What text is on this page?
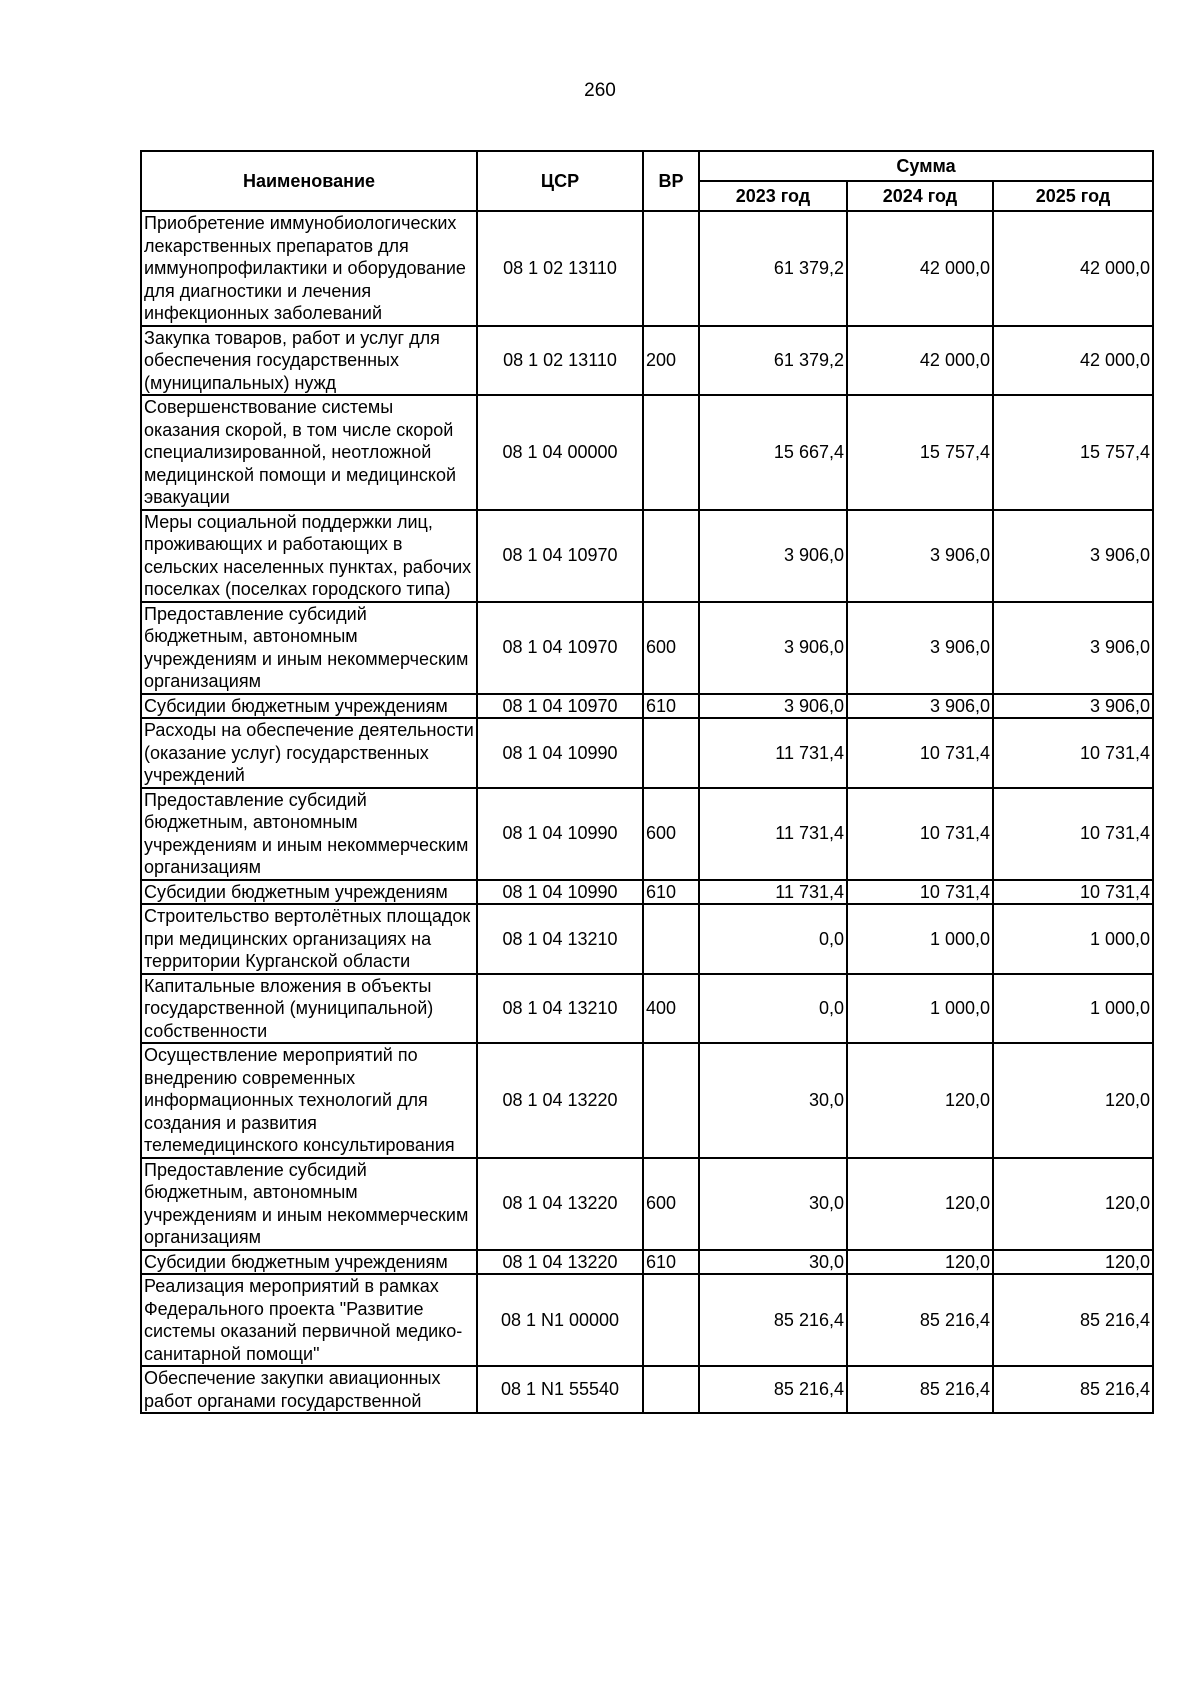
260
Наименование	ЦСР	ВР	Сумма		
			2023 год	2024 год	2025 год
Приобретение иммунобиологических лекарственных препаратов для иммунопрофилактики и оборудование для диагностики и лечения инфекционных заболеваний	08 1 02 13110		61 379,2	42 000,0	42 000,0
Закупка товаров, работ и услуг для обеспечения государственных (муниципальных) нужд	08 1 02 13110	200	61 379,2	42 000,0	42 000,0
Совершенствование системы оказания скорой, в том числе скорой специализированной, неотложной медицинской помощи и медицинской эвакуации	08 1 04 00000		15 667,4	15 757,4	15 757,4
Меры социальной поддержки лиц, проживающих и работающих в сельских населенных пунктах, рабочих поселках (поселках городского типа)	08 1 04 10970		3 906,0	3 906,0	3 906,0
Предоставление субсидий бюджетным, автономным учреждениям и иным некоммерческим организациям	08 1 04 10970	600	3 906,0	3 906,0	3 906,0
Субсидии бюджетным учреждениям	08 1 04 10970	610	3 906,0	3 906,0	3 906,0
Расходы на обеспечение деятельности (оказание услуг) государственных учреждений	08 1 04 10990		11 731,4	10 731,4	10 731,4
Предоставление субсидий бюджетным, автономным учреждениям и иным некоммерческим организациям	08 1 04 10990	600	11 731,4	10 731,4	10 731,4
Субсидии бюджетным учреждениям	08 1 04 10990	610	11 731,4	10 731,4	10 731,4
Строительство вертолётных площадок при медицинских организациях на территории Курганской области	08 1 04 13210		0,0	1 000,0	1 000,0
Капитальные вложения в объекты государственной (муниципальной) собственности	08 1 04 13210	400	0,0	1 000,0	1 000,0
Осуществление мероприятий по внедрению современных информационных технологий для создания и развития телемедицинского консультирования	08 1 04 13220		30,0	120,0	120,0
Предоставление субсидий бюджетным, автономным учреждениям и иным некоммерческим организациям	08 1 04 13220	600	30,0	120,0	120,0
Субсидии бюджетным учреждениям	08 1 04 13220	610	30,0	120,0	120,0
Реализация мероприятий в рамках Федерального проекта "Развитие системы оказаний первичной медико-санитарной помощи"	08 1 N1 00000		85 216,4	85 216,4	85 216,4
Обеспечение закупки авиационных работ органами государственной	08 1 N1 55540		85 216,4	85 216,4	85 216,4
